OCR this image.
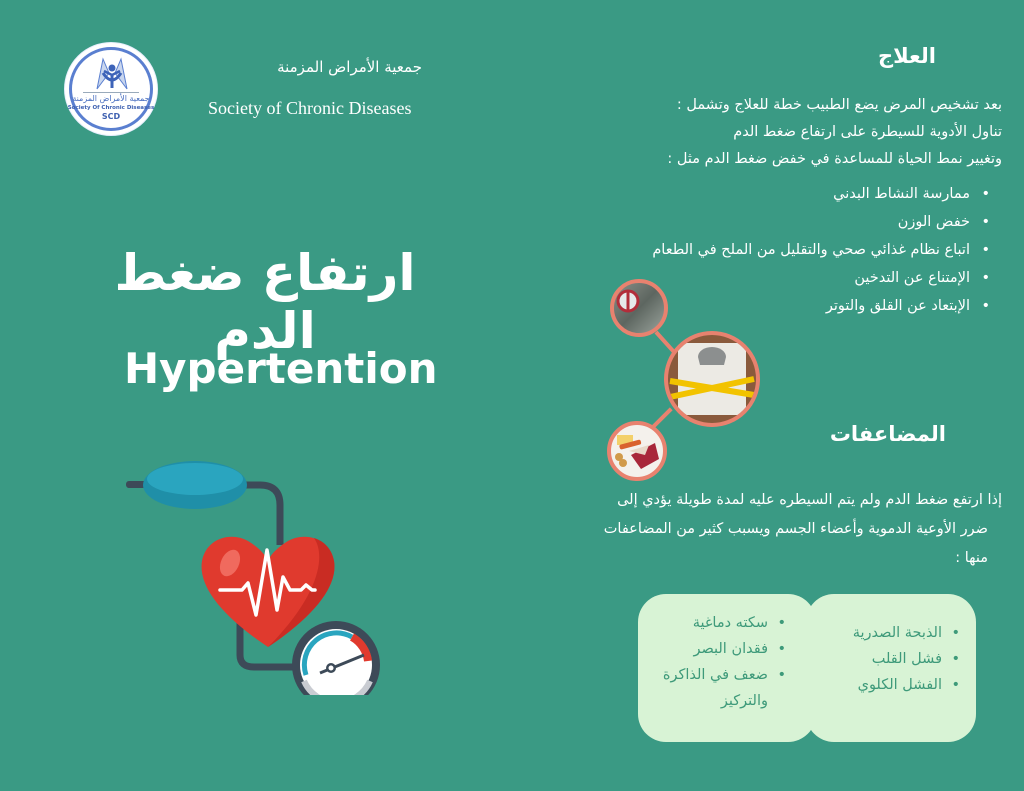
جمعية الأمراض المزمنة
Society Of Chronic Diseases
SCD
جمعية الأمراض المزمنة
Society of Chronic Diseases
ارتفاع ضغط الدم
Hypertention
العلاج
بعد تشخيص المرض يضع الطبيب خطة للعلاج وتشمل :
تناول الأدوية للسيطرة على ارتفاع ضغط الدم
وتغيير نمط الحياة للمساعدة في خفض ضغط الدم مثل :
• ممارسة النشاط البدني
• خفض الوزن
• اتباع نظام غذائي صحي والتقليل من الملح في الطعام
• الإمتناع عن التدخين
• الإبتعاد عن القلق والتوتر
المضاعفات
إذا ارتفع ضغط الدم ولم يتم السيطره عليه لمدة طويلة يؤدي إلى
ضرر الأوعية الدموية وأعضاء الجسم ويسبب كثير من المضاعفات
منها :
• سكته دماغية
• فقدان البصر
• ضعف في الذاكرة والتركيز
• الذبحة الصدرية
• فشل القلب
• الفشل الكلوي
